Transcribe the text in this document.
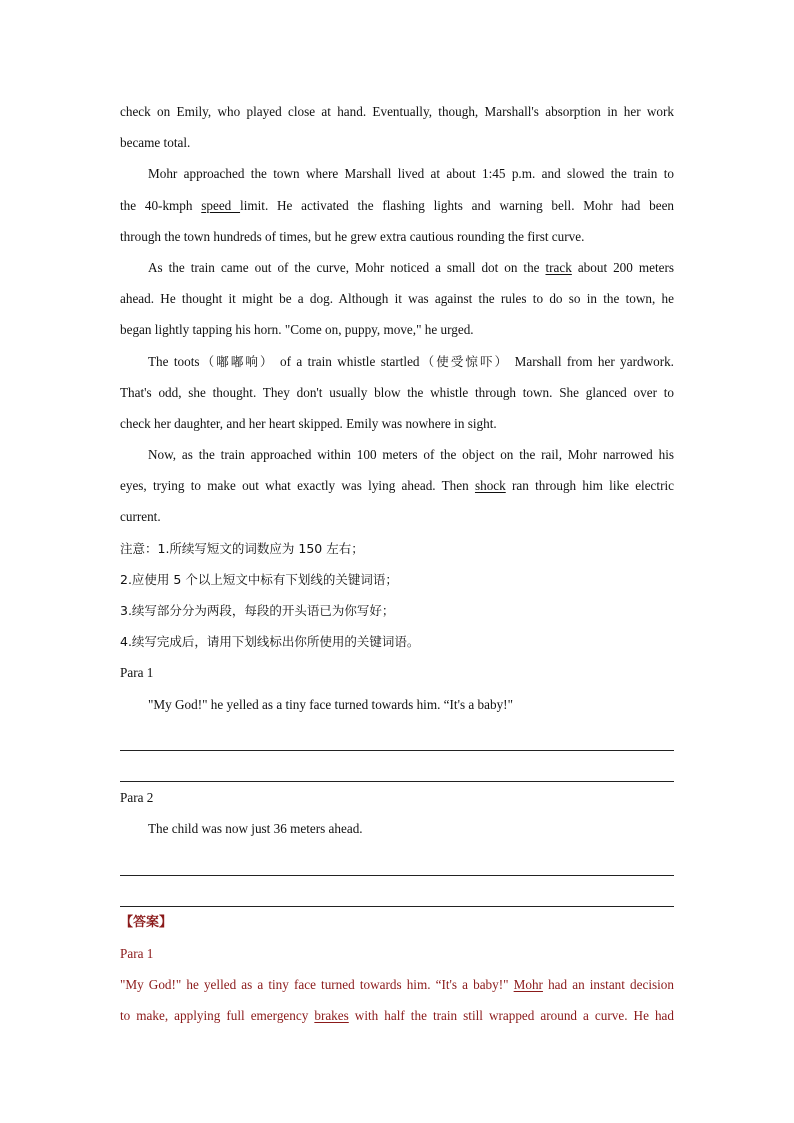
check on Emily, who played close at hand. Eventually, though, Marshall's absorption in her work
became total.
Mohr approached the town where Marshall lived at about 1:45 p.m. and slowed the train to
the 40-kmph speed limit. He activated the flashing lights and warning bell. Mohr had been
through the town hundreds of times, but he grew extra cautious rounding the first curve.
As the train came out of the curve, Mohr noticed a small dot on the track about 200 meters
ahead. He thought it might be a dog. Although it was against the rules to do so in the town, he
began lightly tapping his horn. "Come on, puppy, move," he urged.
The toots（嘟嘟响） of a train whistle startled（使受惊吓） Marshall from her yardwork.
That's odd, she thought. They don't usually blow the whistle through town. She glanced over to
check her daughter, and her heart skipped. Emily was nowhere in sight.
Now, as the train approached within 100 meters of the object on the rail, Mohr narrowed his
eyes, trying to make out what exactly was lying ahead. Then shock ran through him like electric
current.
注意：1.所续写短文的词数应为 150 左右；
2.应使用 5 个以上短文中标有下划线的关键词语；
3.续写部分分为两段，每段的开头语已为你写好；
4.续写完成后，请用下划线标出你所使用的关键词语。
Para 1
"My God!" he yelled as a tiny face turned towards him. “It's a baby!"
Para 2
The child was now just 36 meters ahead.
【答案】
Para 1
"My God!" he yelled as a tiny face turned towards him. “It's a baby!" Mohr had an instant decision
to make, applying full emergency brakes with half the train still wrapped around a curve. He had
